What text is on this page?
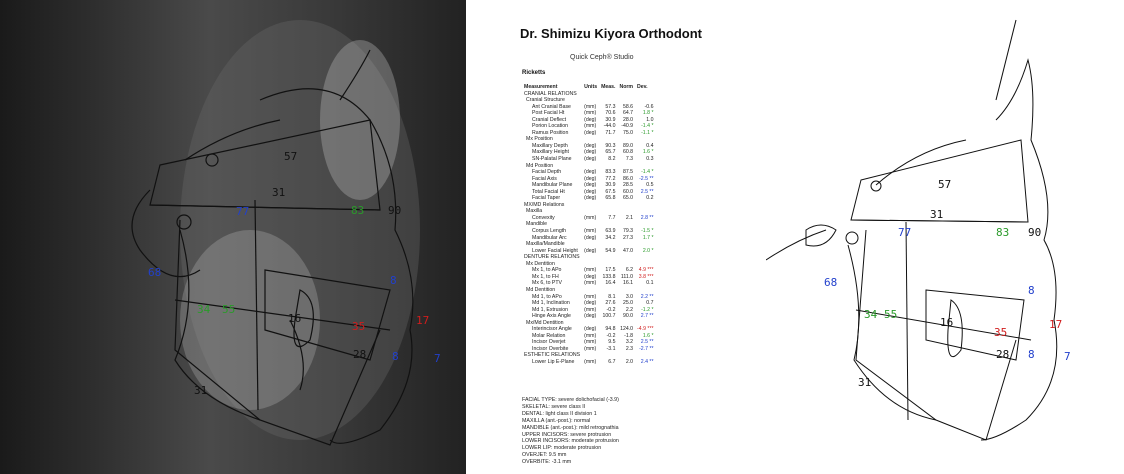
57
31
77	83 90
68
34 55
16
35	17
28
8
8	7
31
Dr. Shimizu Kiyora Orthodont
Quick Ceph® Studio
Ricketts
Measurement	Units	Meas.	Norm	Dev.
CRANIAL RELATIONS				
Cranial Structure				
Ant Cranial Base	(mm)	57.3	58.6	-0.6
Post Facial Ht	(mm)	70.6	64.7	1.8 *
Cranial Deflect	(deg)	30.9	28.0	1.0
Porion Location	(mm)	-44.0	-40.9	-1.4 *
Ramus Position	(deg)	71.7	75.0	-1.1 *
Mx Position				
Maxillary Depth	(deg)	90.3	89.0	0.4
Maxillary Height	(deg)	65.7	60.8	1.6 *
SN-Palatal Plane	(deg)	8.2	7.3	0.3
Md Position				
Facial Depth	(deg)	83.3	87.5	-1.4 *
Facial Axis	(deg)	77.2	86.0	-2.5 **
Mandibular Plane	(deg)	30.9	28.5	0.5
Total Facial Ht	(deg)	67.5	60.0	2.5 **
Facial Taper	(deg)	65.8	65.0	0.2
MX/MD Relations				
Maxilla				
Convexity	(mm)	7.7	2.1	2.8 **
Mandible				
Corpus Length	(mm)	63.9	79.3	-1.5 *
Mandibular Arc	(deg)	34.2	27.3	1.7 *
Maxilla/Mandible				
Lower Facial Height	(deg)	54.9	47.0	2.0 *
DENTURE RELATIONS				
Mx Dentition				
Mx 1, to APo	(mm)	17.5	6.2	4.9 ***
Mx 1, to FH	(deg)	133.8	111.0	3.8 ***
Mx 6, to PTV	(mm)	16.4	16.1	0.1
Md Dentition				
Md 1, to APo	(mm)	8.1	3.0	2.2 **
Md 1, Inclination	(deg)	27.6	25.0	0.7
Md 1, Extrusion	(mm)	-0.2	2.2	-1.2 *
Hinge Axis Angle	(deg)	100.7	90.0	2.7 **
Mx/Md Dentition				
Interincisor Angle	(deg)	94.8	124.0	-4.9 ***
Molar Relation	(mm)	-0.2	-1.8	1.6 *
Incisor Overjet	(mm)	9.5	3.2	2.5 **
Incisor Overbite	(mm)	-3.1	2.3	-2.7 **
ESTHETIC RELATIONS				
Lower Lip E-Plane	(mm)	6.7	2.0	2.4 **
FACIAL TYPE: severe dolichofacial (-3.9)
SKELETAL: severe class II
DENTAL: light class II division 1
MAXILLA (ant.-post.): normal
MANDIBLE (ant.-post.): mild retrognathia
UPPER INCISORS: severe protrusion
LOWER INCISORS: moderate protrusion
LOWER LIP: moderate protrusion
OVERJET: 9.5 mm
OVERBITE: -3.1 mm
57
31
77	83 90
68
34 55
16
35
17
28
8
8	7
31
